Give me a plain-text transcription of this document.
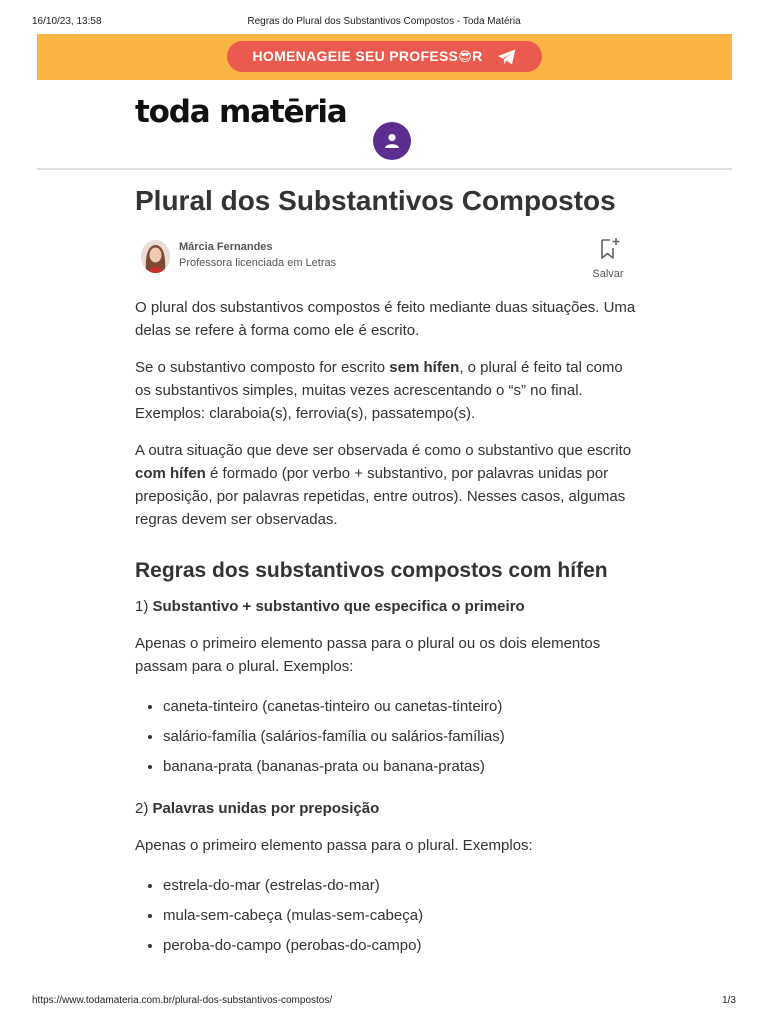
16/10/23, 13:58	Regras do Plural dos Substantivos Compostos - Toda Matéria
HOMENAGEIE SEU PROFESS😎R
toda matēria
Plural dos Substantivos Compostos
Márcia Fernandes
Professora licenciada em Letras
Salvar

O plural dos substantivos compostos é feito mediante duas situações. Uma delas se refere à forma como ele é escrito.

Se o substantivo composto for escrito sem hífen, o plural é feito tal como os substantivos simples, muitas vezes acrescentando o “s” no final. Exemplos: claraboia(s), ferrovia(s), passatempo(s).

A outra situação que deve ser observada é como o substantivo que escrito com hífen é formado (por verbo + substantivo, por palavras unidas por preposição, por palavras repetidas, entre outros). Nesses casos, algumas regras devem ser observadas.

Regras dos substantivos compostos com hífen

1) Substantivo + substantivo que especifica o primeiro

Apenas o primeiro elemento passa para o plural ou os dois elementos passam para o plural. Exemplos:

• caneta-tinteiro (canetas-tinteiro ou canetas-tinteiro)
• salário-família (salários-família ou salários-famílias)
• banana-prata (bananas-prata ou banana-pratas)

2) Palavras unidas por preposição

Apenas o primeiro elemento passa para o plural. Exemplos:

• estrela-do-mar (estrelas-do-mar)
• mula-sem-cabeça (mulas-sem-cabeça)
• peroba-do-campo (perobas-do-campo)
https://www.todamateria.com.br/plural-dos-substantivos-compostos/	1/3
